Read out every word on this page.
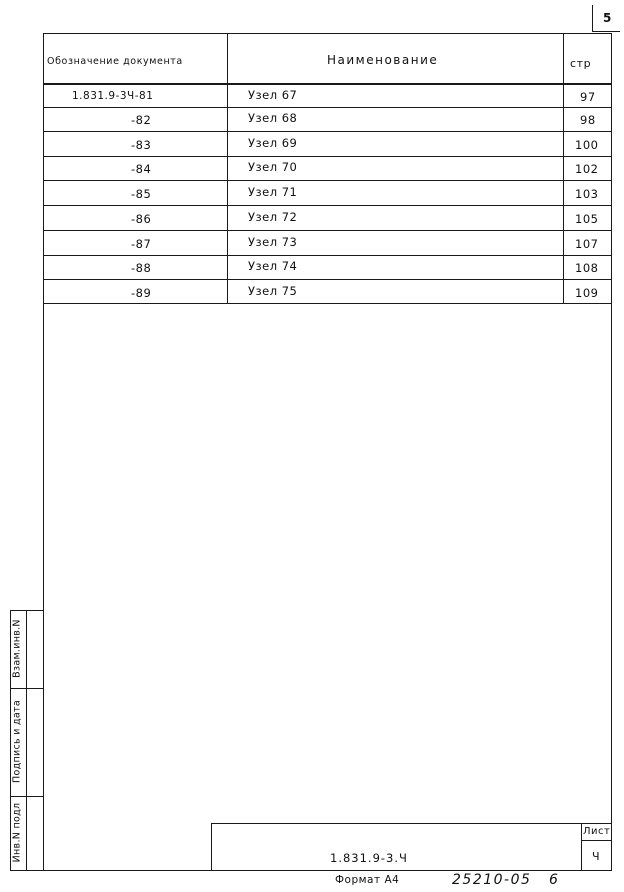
5
Обозначение документа	Наименование	стр
1.831.9-3Ч-81	Узел 67	97
-82	Узел 68	98
-83	Узел 69	100
-84	Узел 70	102
-85	Узел 71	103
-86	Узел 72	105
-87	Узел 73	107
-88	Узел 74	108
-89	Узел 75	109
Взам.инв.N
Подпись и дата
Инв.N подл	1.831.9-3.Ч
Лист
Ч
Формат А4	25210-05 6
